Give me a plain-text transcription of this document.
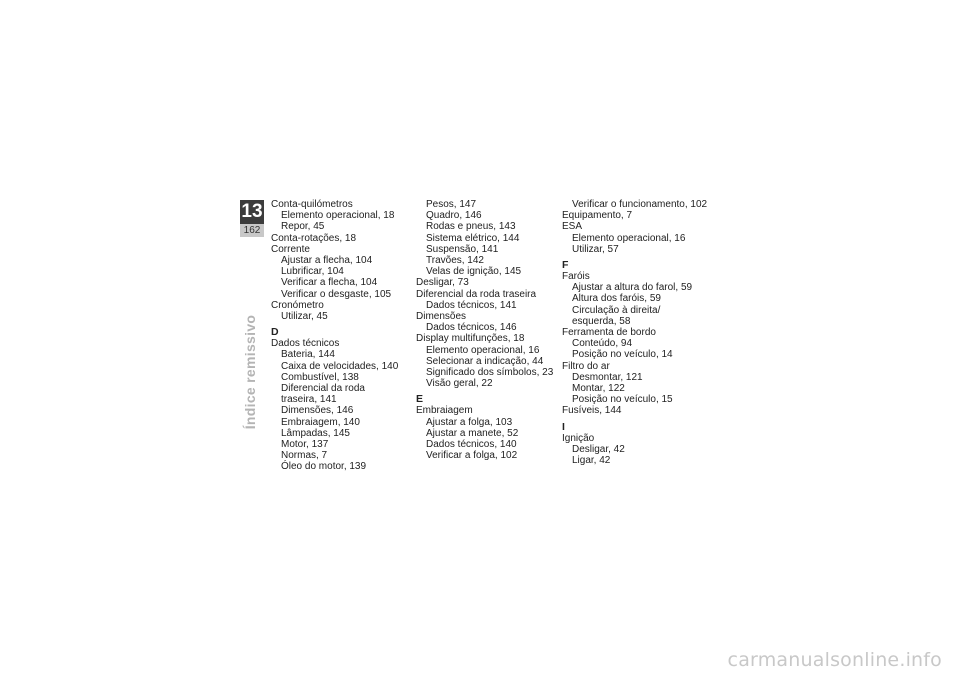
13
162
Índice remissivo
Conta-quilómetros
Elemento operacional, 18
Repor, 45
Conta-rotações, 18
Corrente
Ajustar a flecha, 104
Lubrificar, 104
Verificar a flecha, 104
Verificar o desgaste, 105
Cronómetro
Utilizar, 45
D
Dados técnicos
Bateria, 144
Caixa de velocidades, 140
Combustível, 138
Diferencial da roda
traseira, 141
Dimensões, 146
Embraiagem, 140
Lâmpadas, 145
Motor, 137
Normas, 7
Óleo do motor, 139
Pesos, 147
Quadro, 146
Rodas e pneus, 143
Sistema elétrico, 144
Suspensão, 141
Travões, 142
Velas de ignição, 145
Desligar, 73
Diferencial da roda traseira
Dados técnicos, 141
Dimensões
Dados técnicos, 146
Display multifunções, 18
Elemento operacional, 16
Selecionar a indicação, 44
Significado dos símbolos, 23
Visão geral, 22
E
Embraiagem
Ajustar a folga, 103
Ajustar a manete, 52
Dados técnicos, 140
Verificar a folga, 102
Verificar o funcionamento, 102
Equipamento, 7
ESA
Elemento operacional, 16
Utilizar, 57
F
Faróis
Ajustar a altura do farol, 59
Altura dos faróis, 59
Circulação à direita/
esquerda, 58
Ferramenta de bordo
Conteúdo, 94
Posição no veículo, 14
Filtro do ar
Desmontar, 121
Montar, 122
Posição no veículo, 15
Fusíveis, 144
I
Ignição
Desligar, 42
Ligar, 42
carmanualsonline.info
